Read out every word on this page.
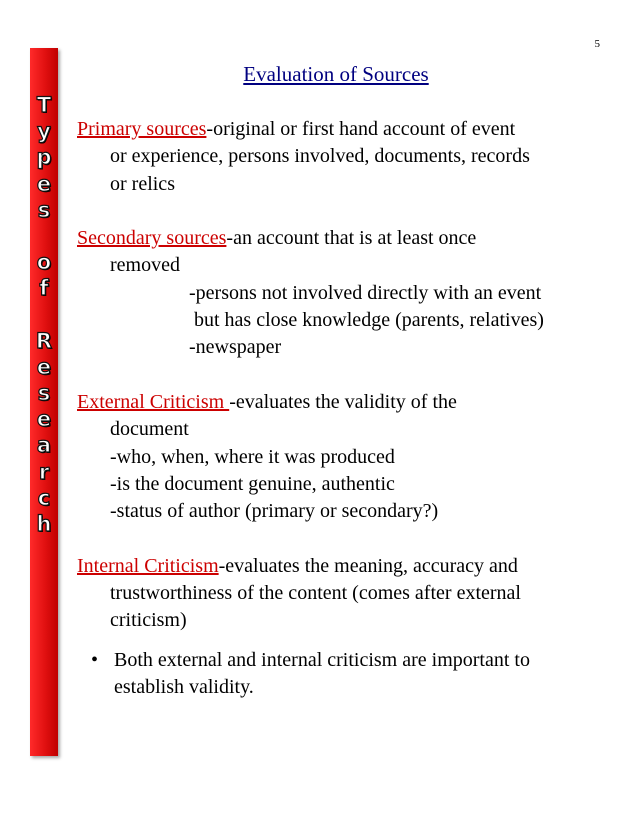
5
T
y
p
e
s
o
f
R
e
s
e
a
r
c
h
Evaluation of Sources
Primary sources-original or first hand account of event
or experience, persons involved, documents, records
or relics
Secondary sources-an account that is at least once
removed
-persons not involved directly with an event
but has close knowledge (parents, relatives)
-newspaper
External Criticism -evaluates the validity of the
document
-who, when, where it was produced
-is the document genuine, authentic
-status of author (primary or secondary?)
Internal Criticism-evaluates the meaning, accuracy and
trustworthiness of the content (comes after external
criticism)
• Both external and internal criticism are important to
establish validity.
